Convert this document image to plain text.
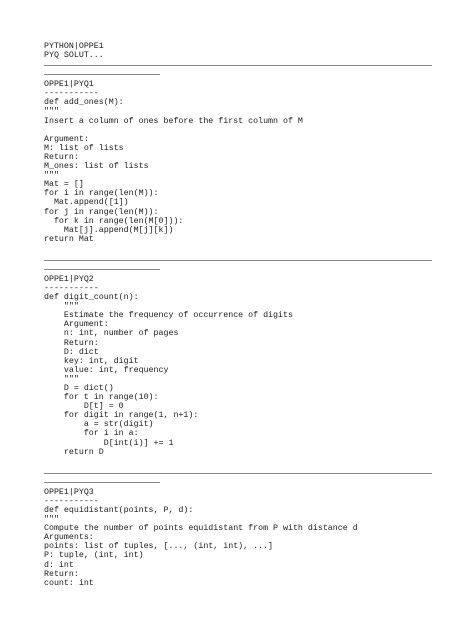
PYTHON|OPPE1
PYQ SOLUT...
OPPE1|PYQ1
-----------
def add_ones(M):
"""
Insert a column of ones before the first column of M
Argument:
M: list of lists
Return:
M_ones: list of lists
"""
Mat = []
for i in range(len(M)):
Mat.append([1])
for j in range(len(M)):
for k in range(len(M[0])):
Mat[j].append(M[j][k])
return Mat
OPPE1|PYQ2
-----------
def digit_count(n):
"""
Estimate the frequency of occurrence of digits
Argument:
n: int, number of pages
Return:
D: dict
key: int, digit
value: int, frequency
"""
D = dict()
for t in range(10):
D[t] = 0
for digit in range(1, n+1):
a = str(digit)
for i in a:
D[int(i)] += 1
return D
OPPE1|PYQ3
-----------
def equidistant(points, P, d):
"""
Compute the number of points equidistant from P with distance d
Arguments:
points: list of tuples, [..., (int, int), ...]
P: tuple, (int, int)
d: int
Return:
count: int
